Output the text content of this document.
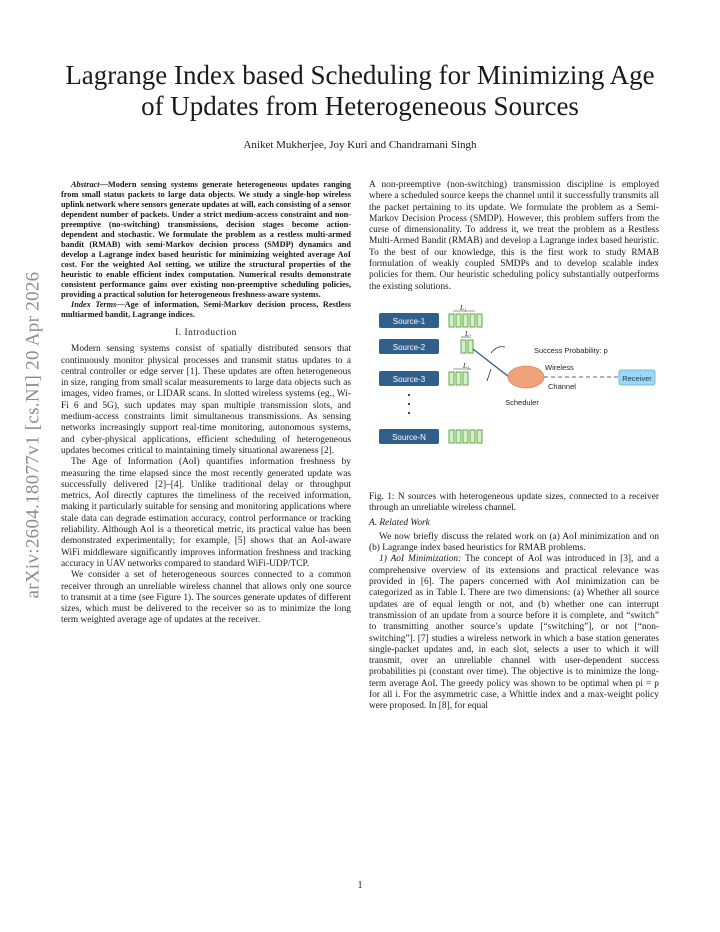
arXiv:2604.18077v1 [cs.NI] 20 Apr 2026
Lagrange Index based Scheduling for Minimizing Age of Updates from Heterogeneous Sources
Aniket Mukherjee, Joy Kuri and Chandramani Singh

Abstract—Modern sensing systems generate heterogeneous updates ranging from small status packets to large data objects. We study a single-hop wireless uplink network where sensors generate updates at will, each consisting of a sensor dependent number of packets. Under a strict medium-access constraint and non-preemptive (no-switching) transmissions, decision stages become action-dependent and stochastic. We formulate the problem as a restless multi-armed bandit (RMAB) with semi-Markov decision process (SMDP) dynamics and develop a Lagrange index based heuristic for minimizing weighted average AoI cost. For the weighted AoI setting, we utilize the structural properties of the heuristic to enable efficient index computation. Numerical results demonstrate consistent performance gains over existing non-preemptive scheduling policies, providing a practical solution for heterogeneous freshness-aware systems.

Index Terms—Age of information, Semi-Markov decision process, Restless multiarmed bandit, Lagrange indices.

I. Introduction

Modern sensing systems consist of spatially distributed sensors that continuously monitor physical processes and transmit status updates to a central controller or edge server [1]. These updates are often heterogeneous in size, ranging from small scalar measurements to large data objects such as images, video frames, or LIDAR scans. In slotted wireless systems (eg., Wi-Fi 6 and 5G), such updates may span multiple transmission slots, and medium-access constraints limit simultaneous transmissions. As sensing networks increasingly support real-time monitoring, autonomous systems, and cyber-physical applications, efficient scheduling of heterogeneous updates becomes critical to maintaining timely situational awareness [2].

The Age of Information (AoI) quantifies information freshness by measuring the time elapsed since the most recently generated update was successfully delivered [2]–[4]. Unlike traditional delay or throughput metrics, AoI directly captures the timeliness of the received information, making it particularly suitable for sensing and monitoring applications where stale data can degrade estimation accuracy, control performance or tracking reliability. Although AoI is a theoretical metric, its practical value has been demonstrated experimentally; for example, [5] shows that an AoI-aware WiFi middleware significantly improves information freshness and tracking accuracy in UAV networks compared to standard WiFi-UDP/TCP.

We consider a set of heterogeneous sources connected to a common receiver through an unreliable wireless channel that allows only one source to transmit at a time (see Figure 1). The sources generate updates of different sizes, which must be delivered to the receiver so as to minimize the long term weighted average age of updates at the receiver.

A non-preemptive (non-switching) transmission discipline is employed where a scheduled source keeps the channel until it successfully transmits all the packet pertaining to its update. We formulate the problem as a Semi-Markov Decision Process (SMDP). However, this problem suffers from the curse of dimensionality. To address it, we treat the problem as a Restless Multi-Armed Bandit (RMAB) and develop a Lagrange index based heuristic. To the best of our knowledge, this is the first work to study RMAB formulation of weakly coupled SMDPs and to develop scalable index policies for them. Our heuristic scheduling policy substantially outperforms the existing solutions.

Source-1
Source-2
Source-3
Source-N
L₁
L₂
L₃
Scheduler
Success Probability: p
Wireless
Channel
Receiver

Fig. 1: N sources with heterogeneous update sizes, connected to a receiver through an unreliable wireless channel.

A. Related Work

We now briefly discuss the related work on (a) AoI minimization and on (b) Lagrange index based heuristics for RMAB problems.

1) AoI Minimization: The concept of AoI was introduced in [3], and a comprehensive overview of its extensions and practical relevance was provided in [6]. The papers concerned with AoI minimization can be categorized as in Table I. There are two dimensions: (a) Whether all source updates are of equal length or not, and (b) whether one can interrupt transmission of an update from a source before it is complete, and “switch” to transmitting another source’s update [“switching”], or not [“non-switching”]. [7] studies a wireless network in which a base station generates single-packet updates and, in each slot, selects a user to which it will transmit, over an unreliable channel with user-dependent success probabilities pi (constant over time). The objective is to minimize the long-term average AoI. The greedy policy was shown to be optimal when pi = p for all i. For the asymmetric case, a Whittle index and a max-weight policy were proposed. In [8], for equal

1
